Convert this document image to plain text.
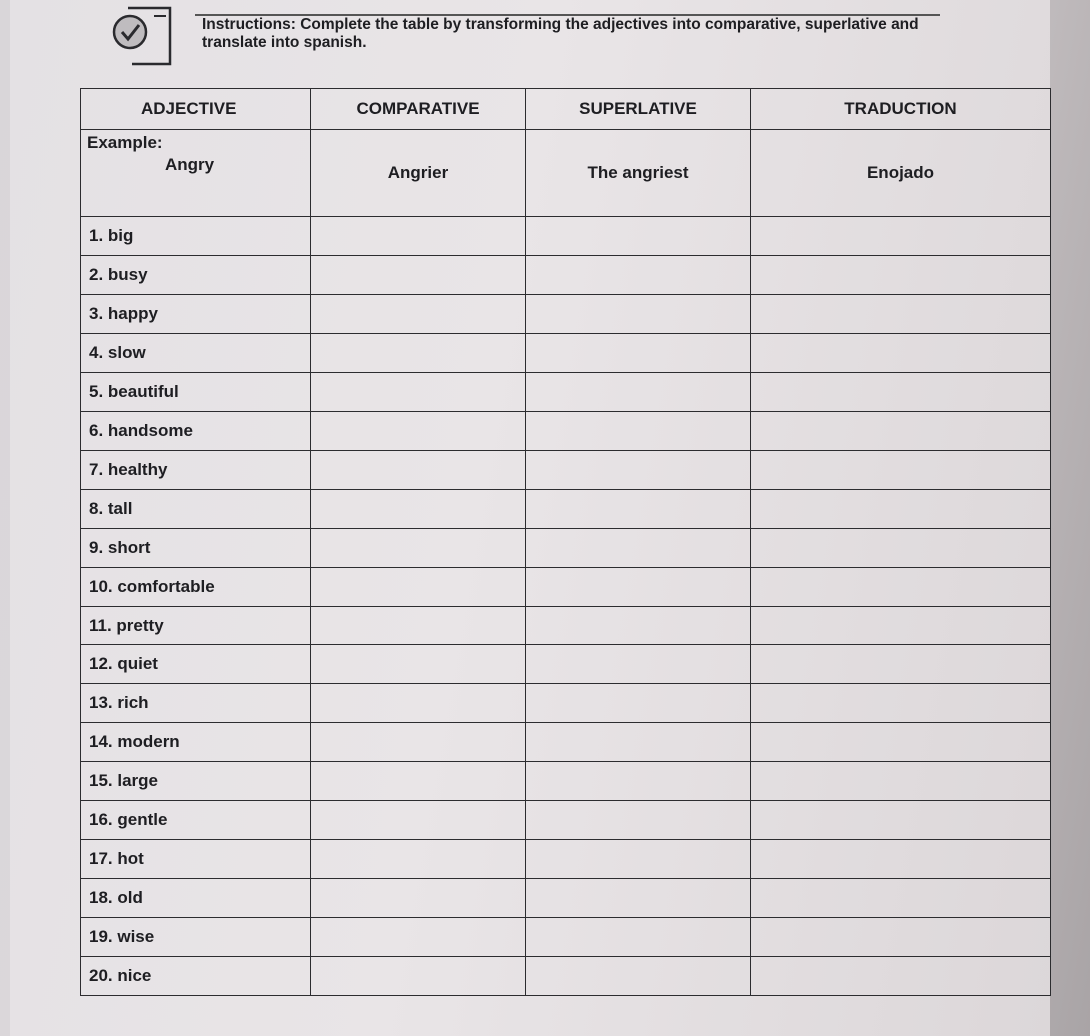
Instructions: Complete the table by transforming the adjectives into comparative, superlative and translate into spanish.
ADJECTIVE	COMPARATIVE	SUPERLATIVE	TRADUCTION

Example:
Angry	Angrier	The angriest	Enojado
1. big			
2. busy			
3. happy			
4. slow			
5. beautiful			
6. handsome			
7. healthy			
8. tall			
9. short			
10. comfortable			
11. pretty			
12. quiet			
13. rich			
14. modern			
15. large			
16. gentle			
17. hot			
18. old			
19. wise			
20. nice			
